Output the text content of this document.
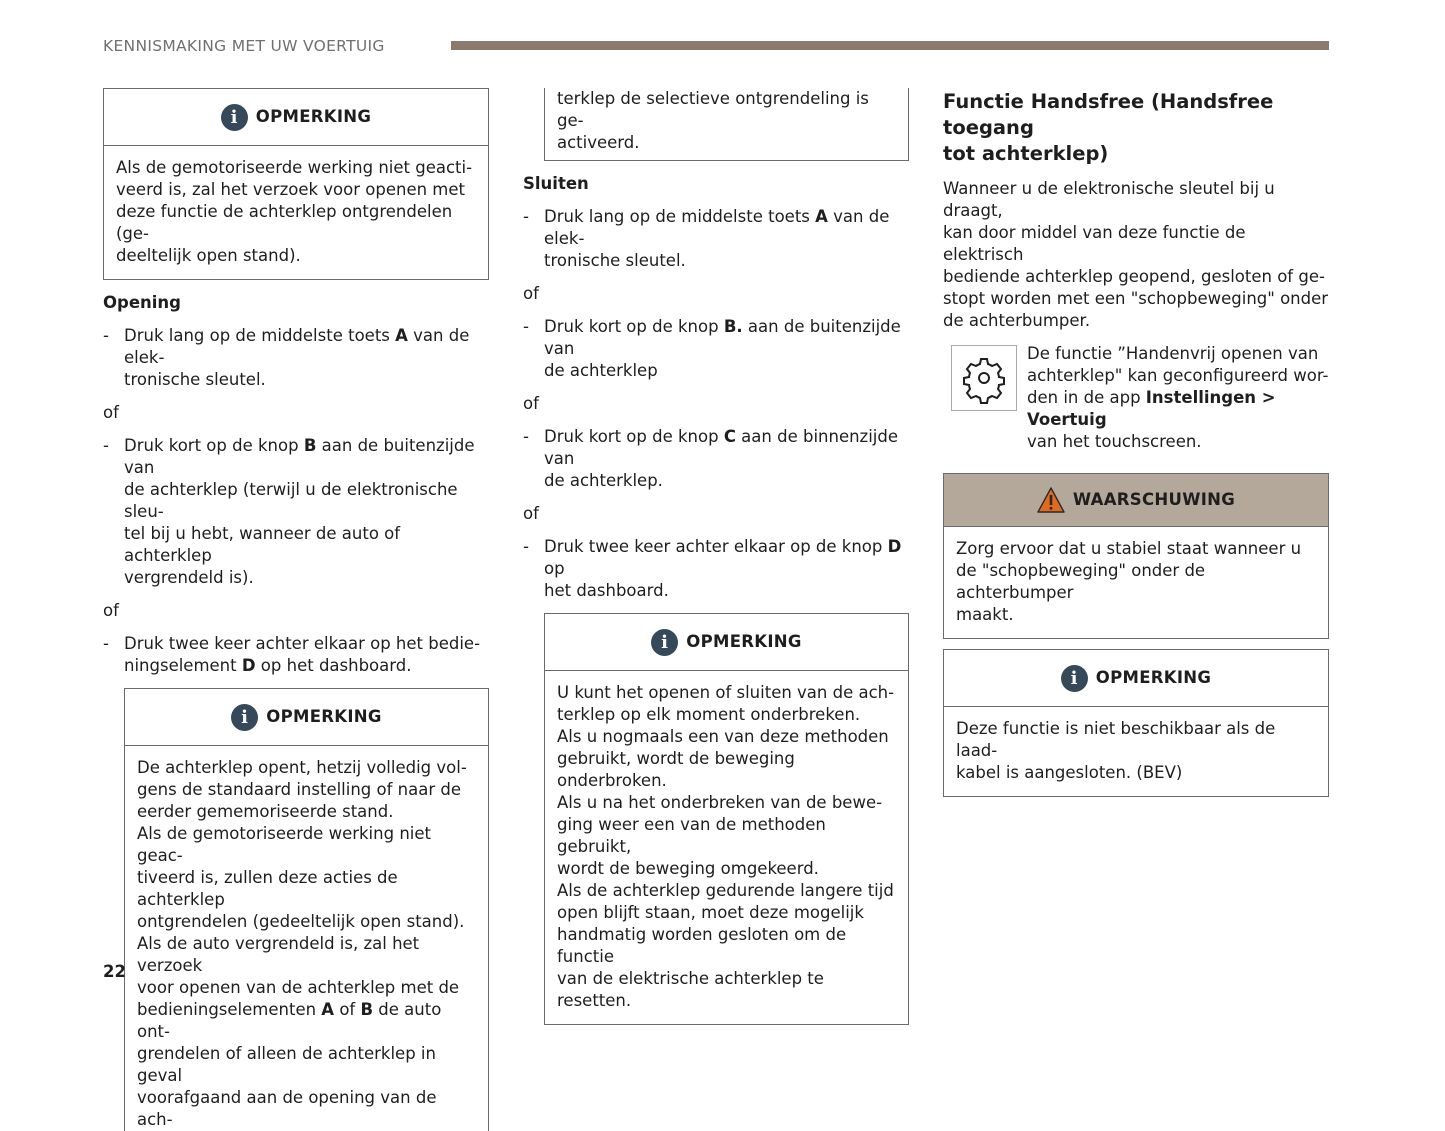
KENNISMAKING MET UW VOERTUIG
i	OPMERKING

Als de gemotoriseerde werking niet geacti-

veerd is, zal het verzoek voor openen met

deze functie de achterklep ontgrendelen (ge-

deeltelijk open stand).

Opening
- Druk lang op de middelste toets A van de elek-
tronische sleutel.
of
- Druk kort op de knop B aan de buitenzijde van
de achterklep (terwijl u de elektronische sleu-
tel bij u hebt, wanneer de auto of achterklep
vergrendeld is).
of
- Druk twee keer achter elkaar op het bedie-
ningselement D op het dashboard.
i	OPMERKING

De achterklep opent, hetzij volledig vol-

gens de standaard instelling of naar de

eerder gememoriseerde stand.

Als de gemotoriseerde werking niet geac-

tiveerd is, zullen deze acties de achterklep

ontgrendelen (gedeeltelijk open stand).

Als de auto vergrendeld is, zal het verzoek

voor openen van de achterklep met de

bedieningselementen A of B de auto ont-

grendelen of alleen de achterklep in geval

voorafgaand aan de opening van de ach-

terklep de selectieve ontgrendeling is ge-

activeerd.

Sluiten
- Druk lang op de middelste toets A van de elek-
tronische sleutel.
of
- Druk kort op de knop B. aan de buitenzijde van
de achterklep
of
- Druk kort op de knop C aan de binnenzijde van
de achterklep.
of
- Druk twee keer achter elkaar op de knop D op
het dashboard.
i	OPMERKING

U kunt het openen of sluiten van de ach-

terklep op elk moment onderbreken.

Als u nogmaals een van deze methoden

gebruikt, wordt de beweging onderbroken.

Als u na het onderbreken van de bewe-

ging weer een van de methoden gebruikt,

wordt de beweging omgekeerd.

Als de achterklep gedurende langere tijd

open blijft staan, moet deze mogelijk

handmatig worden gesloten om de functie

van de elektrische achterklep te resetten.

Functie Handsfree (Handsfree toegang
tot achterklep)

Wanneer u de elektronische sleutel bij u draagt,

kan door middel van deze functie de elektrisch

bediende achterklep geopend, gesloten of ge-

stopt worden met een "schopbeweging" onder

de achterbumper.

De functie ”Handenvrij openen van

achterklep" kan geconfigureerd wor-

den in de app Instellingen > Voertuig

van het touchscreen.

WAARSCHUWING

Zorg ervoor dat u stabiel staat wanneer u

de "schopbeweging" onder de achterbumper

maakt.

i	OPMERKING

Deze functie is niet beschikbaar als de laad-

kabel is aangesloten. (BEV)

22
